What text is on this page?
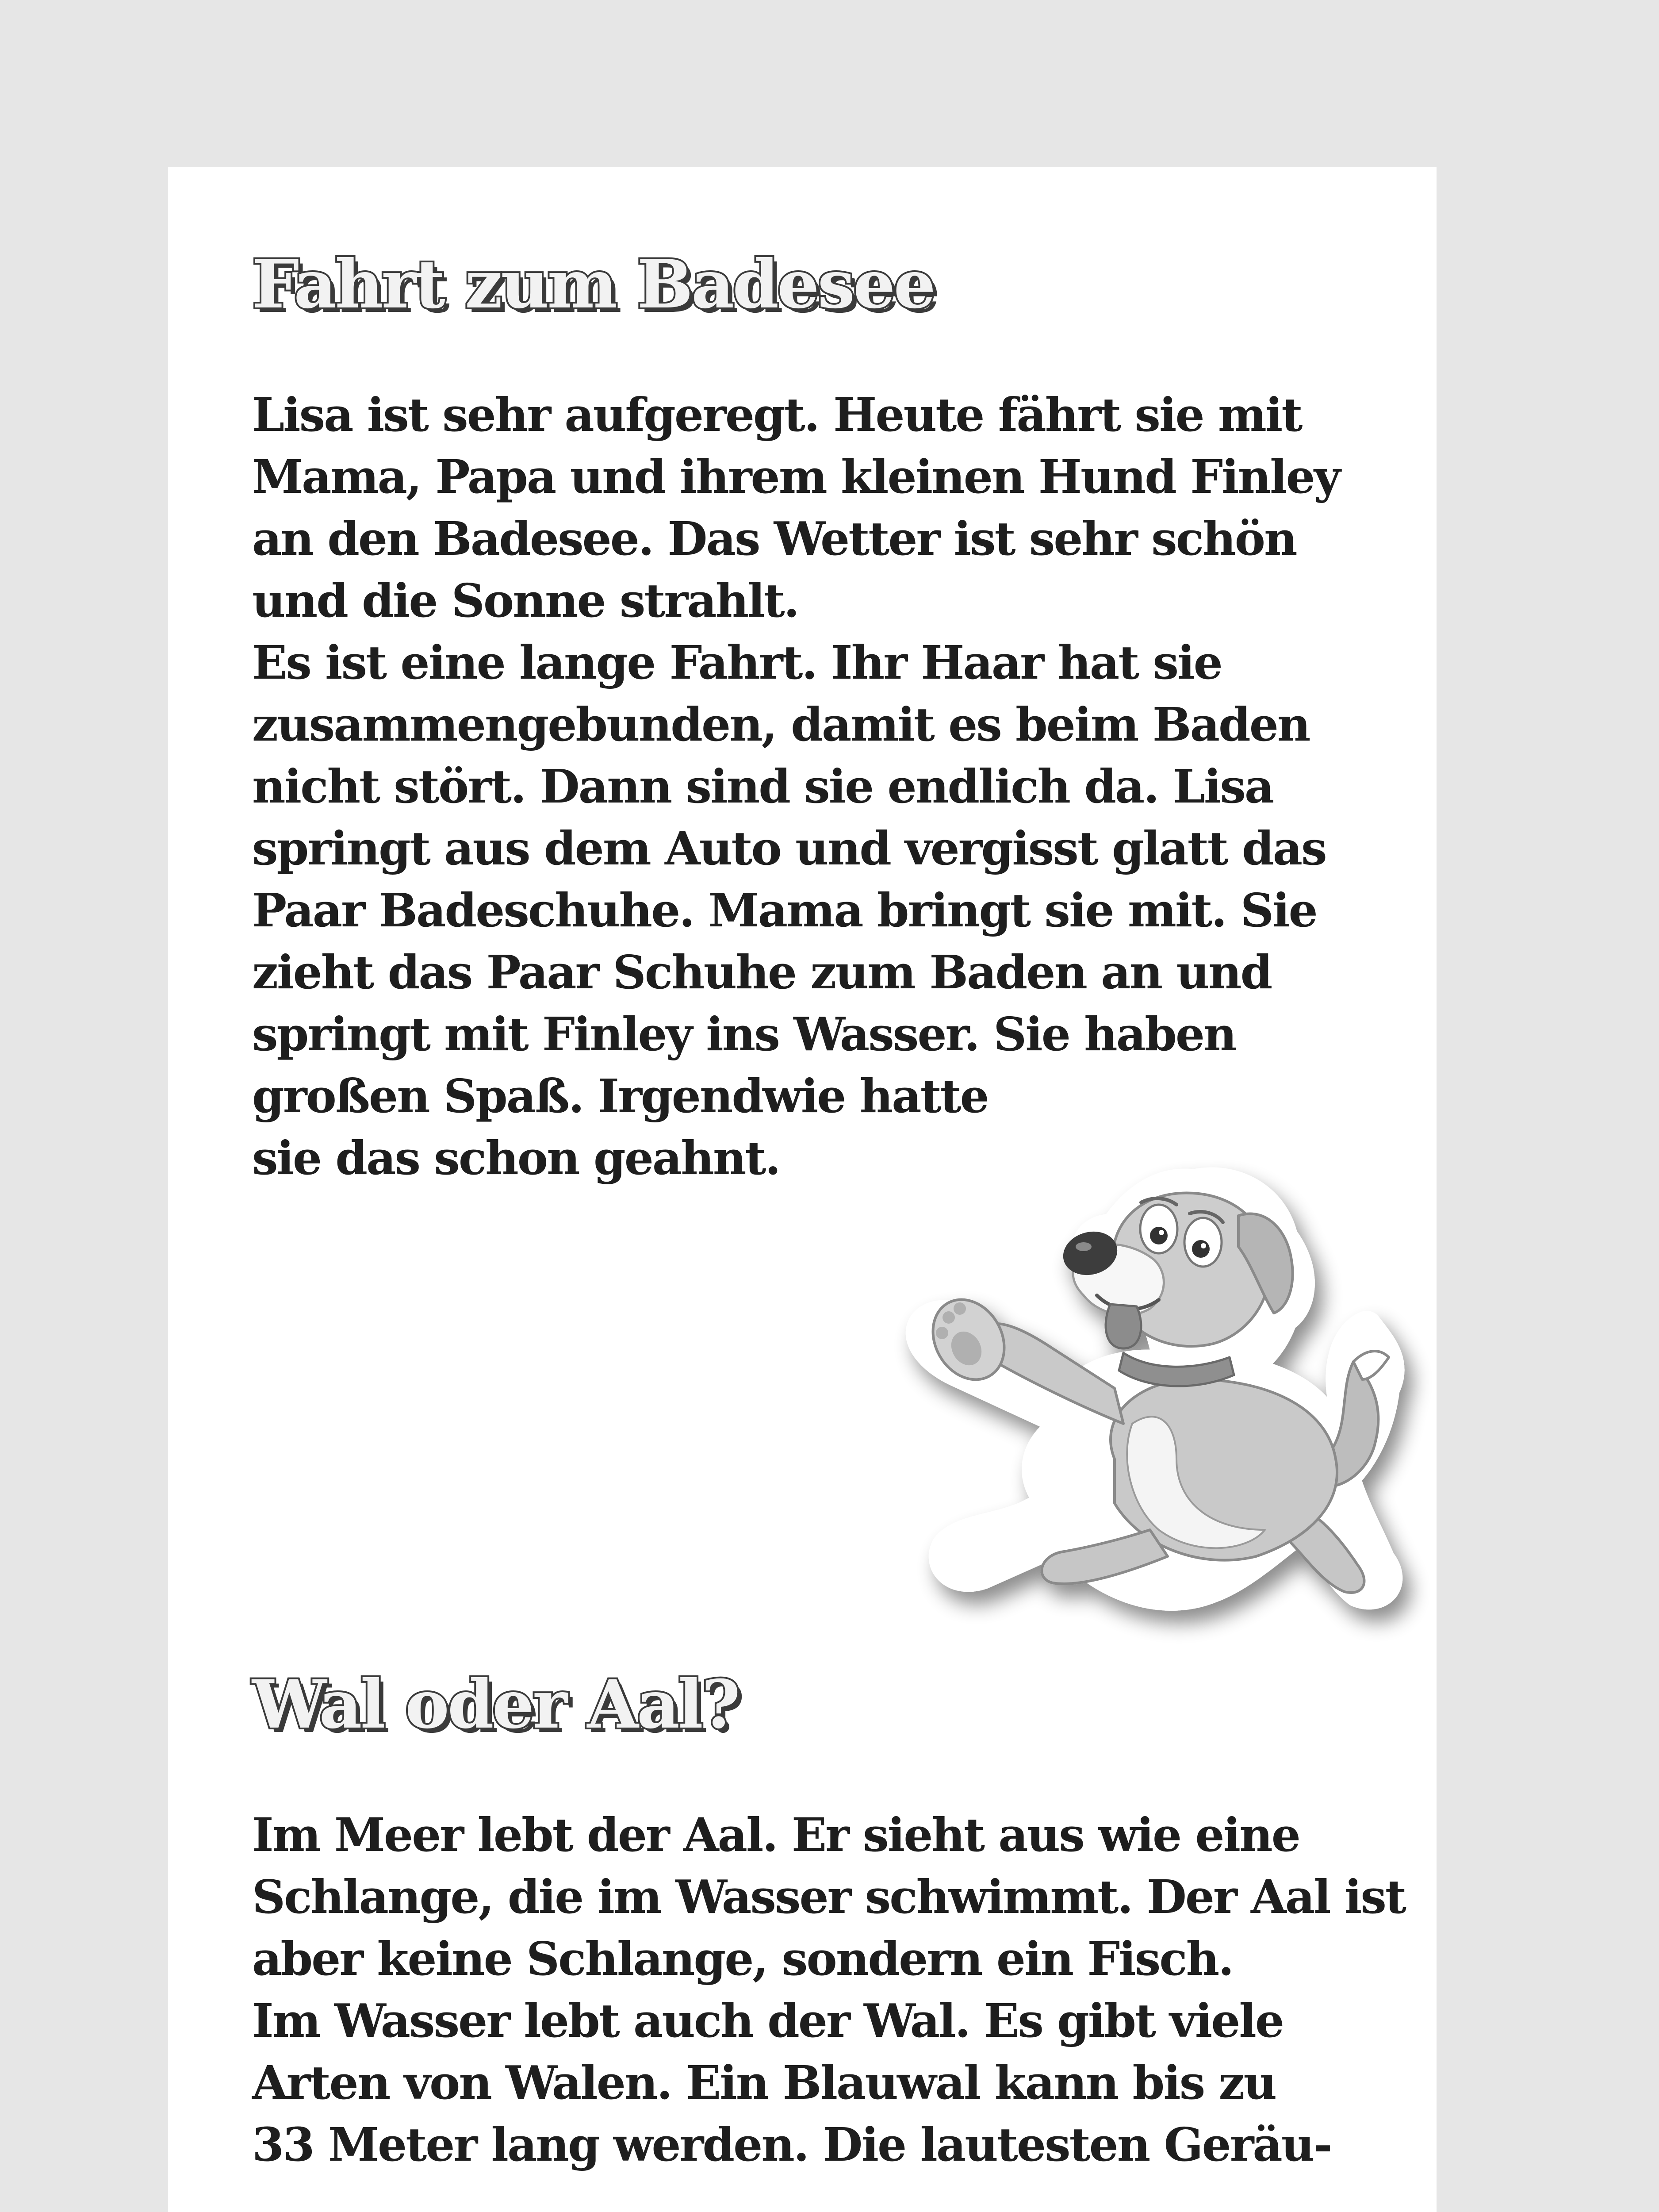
Fahrt zum Badesee
Lisa ist sehr aufgeregt. Heute fährt sie mit
Mama, Papa und ihrem kleinen Hund Finley
an den Badesee. Das Wetter ist sehr schön
und die Sonne strahlt.
Es ist eine lange Fahrt. Ihr Haar hat sie
zusammengebunden, damit es beim Baden
nicht stört. Dann sind sie endlich da. Lisa
springt aus dem Auto und vergisst glatt das
Paar Badeschuhe. Mama bringt sie mit. Sie
zieht das Paar Schuhe zum Baden an und
springt mit Finley ins Wasser. Sie haben
großen Spaß. Irgendwie hatte
sie das schon geahnt.
Wal oder Aal?
Im Meer lebt der Aal. Er sieht aus wie eine
Schlange, die im Wasser schwimmt. Der Aal ist
aber keine Schlange, sondern ein Fisch.
Im Wasser lebt auch der Wal. Es gibt viele
Arten von Walen. Ein Blauwal kann bis zu
33 Meter lang werden. Die lautesten Geräu-
